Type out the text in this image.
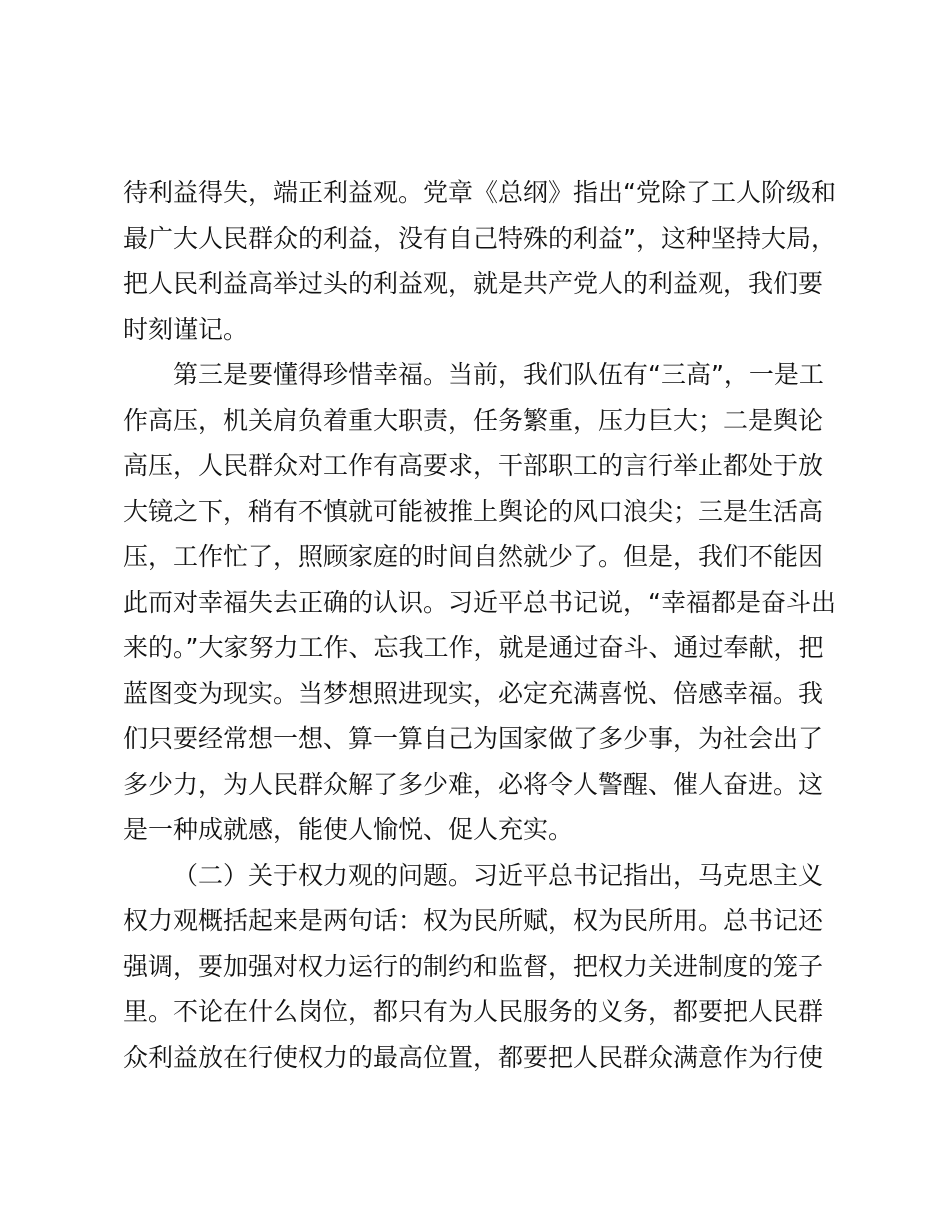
待利益得失，端正利益观。党章《总纲》指出“党除了工人阶级和
最广大人民群众的利益，没有自己特殊的利益”，这种坚持大局，
把人民利益高举过头的利益观，就是共产党人的利益观，我们要
时刻谨记。
第三是要懂得珍惜幸福。当前，我们队伍有“三高”，一是工
作高压，机关肩负着重大职责，任务繁重，压力巨大；二是舆论
高压，人民群众对工作有高要求，干部职工的言行举止都处于放
大镜之下，稍有不慎就可能被推上舆论的风口浪尖；三是生活高
压，工作忙了，照顾家庭的时间自然就少了。但是，我们不能因
此而对幸福失去正确的认识。习近平总书记说，“幸福都是奋斗出
来的。”大家努力工作、忘我工作，就是通过奋斗、通过奉献，把
蓝图变为现实。当梦想照进现实，必定充满喜悦、倍感幸福。我
们只要经常想一想、算一算自己为国家做了多少事，为社会出了
多少力，为人民群众解了多少难，必将令人警醒、催人奋进。这
是一种成就感，能使人愉悦、促人充实。
（二）关于权力观的问题。习近平总书记指出，马克思主义
权力观概括起来是两句话：权为民所赋，权为民所用。总书记还
强调，要加强对权力运行的制约和监督，把权力关进制度的笼子
里。不论在什么岗位，都只有为人民服务的义务，都要把人民群
众利益放在行使权力的最高位置，都要把人民群众满意作为行使
